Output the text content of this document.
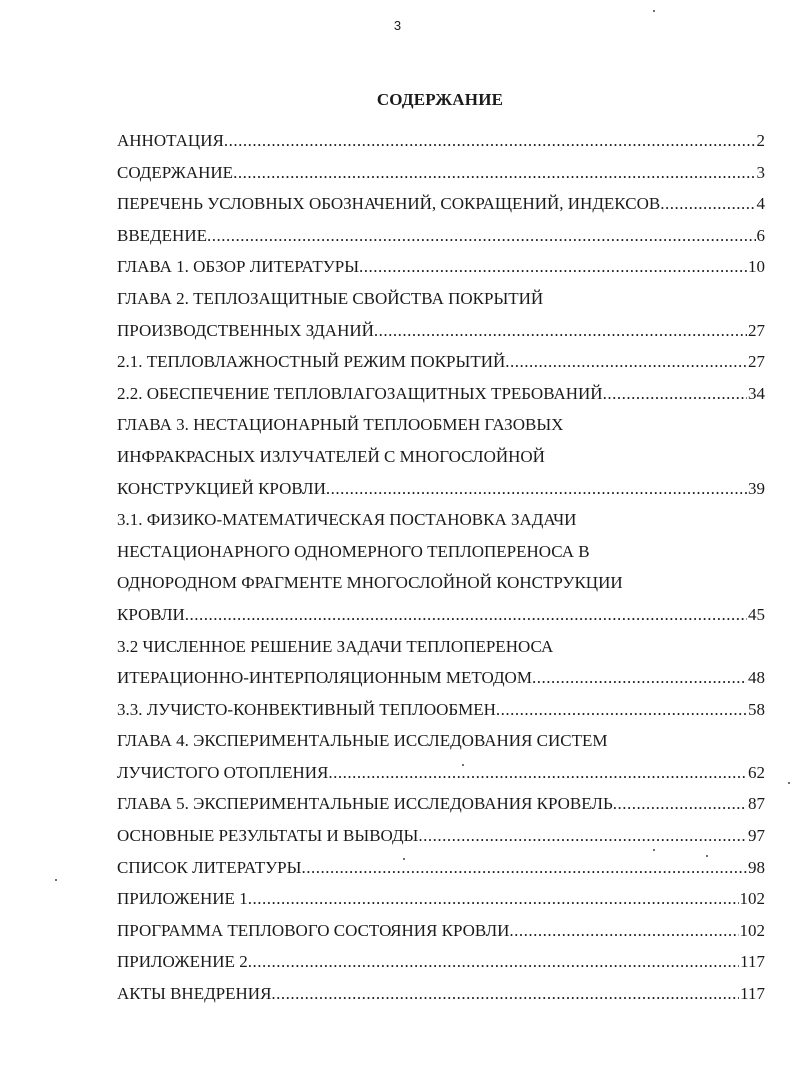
3
СОДЕРЖАНИЕ
АННОТАЦИЯ .....	2
СОДЕРЖАНИЕ .....	3
ПЕРЕЧЕНЬ УСЛОВНЫХ ОБОЗНАЧЕНИЙ, СОКРАЩЕНИЙ, ИНДЕКСОВ .....	4
ВВЕДЕНИЕ .....	6
ГЛАВА 1. ОБЗОР ЛИТЕРАТУРЫ .....	10
ГЛАВА 2. ТЕПЛОЗАЩИТНЫЕ СВОЙСТВА ПОКРЫТИЙ
ПРОИЗВОДСТВЕННЫХ ЗДАНИЙ .....	27
2.1. ТЕПЛОВЛАЖНОСТНЫЙ РЕЖИМ ПОКРЫТИЙ .....	27
2.2. ОБЕСПЕЧЕНИЕ ТЕПЛОВЛАГОЗАЩИТНЫХ ТРЕБОВАНИЙ .....	34
ГЛАВА 3. НЕСТАЦИОНАРНЫЙ ТЕПЛООБМЕН ГАЗОВЫХ
ИНФРАКРАСНЫХ ИЗЛУЧАТЕЛЕЙ С МНОГОСЛОЙНОЙ
КОНСТРУКЦИЕЙ КРОВЛИ .....	39
3.1. ФИЗИКО-МАТЕМАТИЧЕСКАЯ ПОСТАНОВКА ЗАДАЧИ
НЕСТАЦИОНАРНОГО ОДНОМЕРНОГО ТЕПЛОПЕРЕНОСА В
ОДНОРОДНОМ ФРАГМЕНТЕ МНОГОСЛОЙНОЙ КОНСТРУКЦИИ
КРОВЛИ .....	45
3.2 ЧИСЛЕННОЕ РЕШЕНИЕ ЗАДАЧИ ТЕПЛОПЕРЕНОСА
ИТЕРАЦИОННО-ИНТЕРПОЛЯЦИОННЫМ МЕТОДОМ .....	48
3.3. ЛУЧИСТО-КОНВЕКТИВНЫЙ ТЕПЛООБМЕН .....	58
ГЛАВА 4. ЭКСПЕРИМЕНТАЛЬНЫЕ ИССЛЕДОВАНИЯ СИСТЕМ
ЛУЧИСТОГО ОТОПЛЕНИЯ .....	62
ГЛАВА 5. ЭКСПЕРИМЕНТАЛЬНЫЕ ИССЛЕДОВАНИЯ КРОВЕЛЬ .....	87
ОСНОВНЫЕ РЕЗУЛЬТАТЫ И ВЫВОДЫ .....	97
СПИСОК ЛИТЕРАТУРЫ .....	98
ПРИЛОЖЕНИЕ 1 .....	102
ПРОГРАММА ТЕПЛОВОГО СОСТОЯНИЯ КРОВЛИ .....	102
ПРИЛОЖЕНИЕ 2 .....	117
АКТЫ ВНЕДРЕНИЯ .....	117
